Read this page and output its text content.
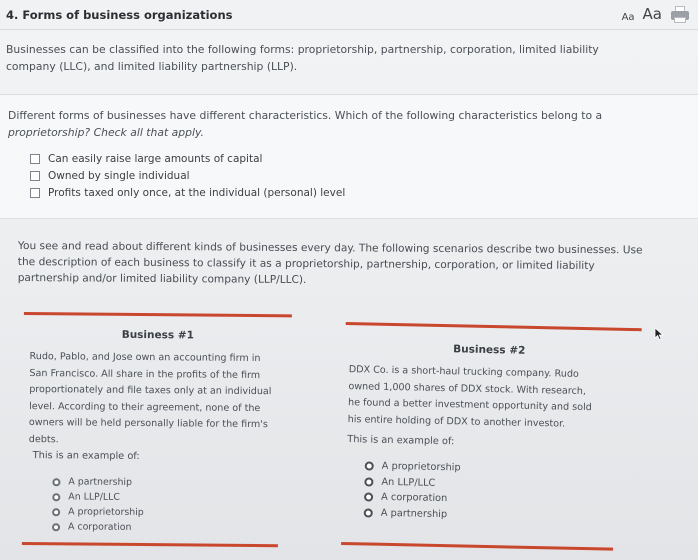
4. Forms of business organizations	Aa Aa
Businesses can be classified into the following forms: proprietorship, partnership, corporation, limited liability
company (LLC), and limited liability partnership (LLP).
Different forms of businesses have different characteristics. Which of the following characteristics belong to a
proprietorship? Check all that apply.
Can easily raise large amounts of capital
Owned by single individual
Profits taxed only once, at the individual (personal) level
You see and read about different kinds of businesses every day. The following scenarios describe two businesses. Use
the description of each business to classify it as a proprietorship, partnership, corporation, or limited liability
partnership and/or limited liability company (LLP/LLC).
Business #1
Rudo, Pablo, and Jose own an accounting firm in
San Francisco. All share in the profits of the firm
proportionately and file taxes only at an individual
level. According to their agreement, none of the
owners will be held personally liable for the firm's
debts.
This is an example of:
A partnership
An LLP/LLC
A proprietorship
A corporation
Business #2
DDX Co. is a short-haul trucking company. Rudo
owned 1,000 shares of DDX stock. With research,
he found a better investment opportunity and sold
his entire holding of DDX to another investor.
This is an example of:
A proprietorship
An LLP/LLC
A corporation
A partnership
